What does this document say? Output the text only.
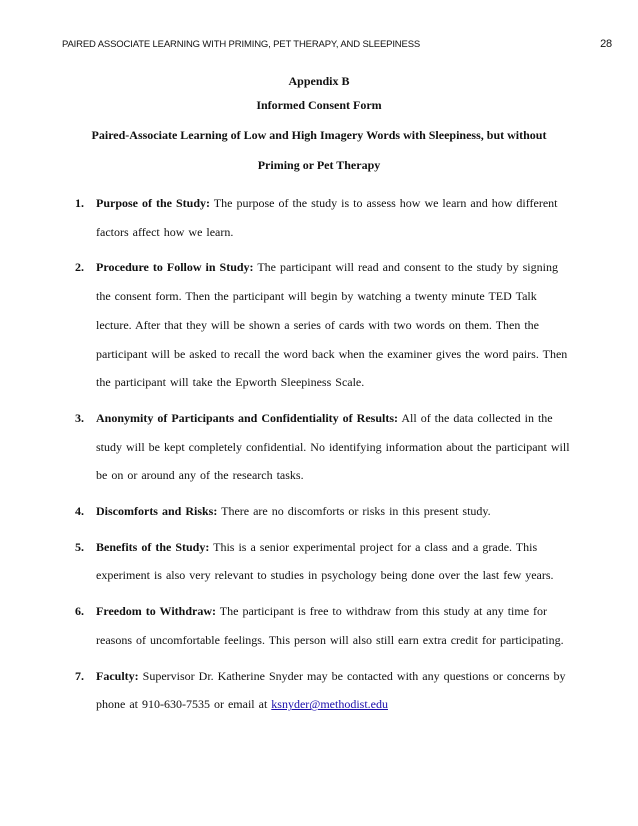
PAIRED ASSOCIATE LEARNING WITH PRIMING, PET THERAPY, AND SLEEPINESS	28
Appendix B
Informed Consent Form
Paired-Associate Learning of Low and High Imagery Words with Sleepiness, but without
Priming or Pet Therapy
1. Purpose of the Study: The purpose of the study is to assess how we learn and how different factors affect how we learn.

2. Procedure to Follow in Study: The participant will read and consent to the study by signing the consent form. Then the participant will begin by watching a twenty minute TED Talk lecture. After that they will be shown a series of cards with two words on them. Then the participant will be asked to recall the word back when the examiner gives the word pairs. Then the participant will take the Epworth Sleepiness Scale.

3. Anonymity of Participants and Confidentiality of Results: All of the data collected in the study will be kept completely confidential. No identifying information about the participant will be on or around any of the research tasks.

4. Discomforts and Risks: There are no discomforts or risks in this present study.

5. Benefits of the Study: This is a senior experimental project for a class and a grade. This experiment is also very relevant to studies in psychology being done over the last few years.

6. Freedom to Withdraw: The participant is free to withdraw from this study at any time for reasons of uncomfortable feelings. This person will also still earn extra credit for participating.

7. Faculty: Supervisor Dr. Katherine Snyder may be contacted with any questions or concerns by phone at 910-630-7535 or email at ksnyder@methodist.edu
